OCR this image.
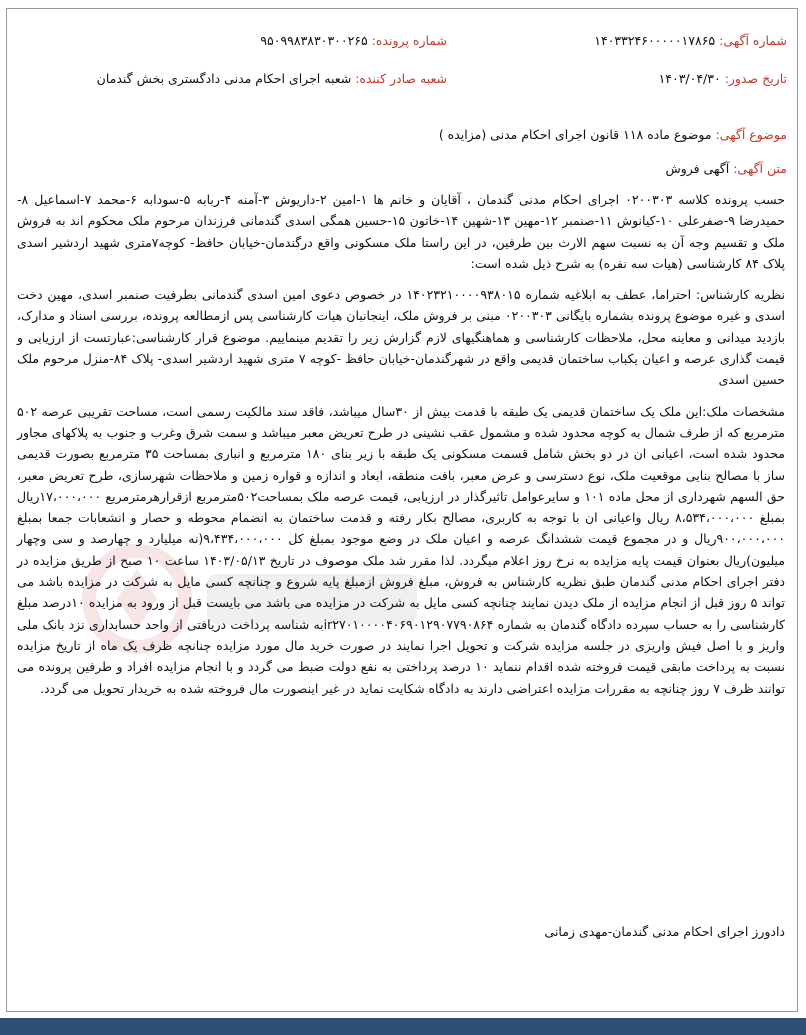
شماره آگهی: ۱۴۰۳۳۲۴۶۰۰۰۰۰۱۷۸۶۵
شماره پرونده: ۹۵۰۹۹۸۳۸۳۰۳۰۰۲۶۵
تاریخ صدور: ۱۴۰۳/۰۴/۳۰
شعبه صادر کننده: شعبه اجرای احکام مدنی دادگستری بخش گندمان
موضوع آگهی: موضوع ماده ۱۱۸ قانون اجرای احکام مدنی (مزایده )
متن آگهی: آگهی فروش

حسب پرونده کلاسه ۰۲۰۰۳۰۳ اجرای احکام مدنی گندمان ، آقایان و خانم ها ۱-امین ۲-داریوش ۳-آمنه ۴-ربابه ۵-سودابه ۶-محمد ۷-اسماعیل ۸-حمیدرضا ۹-صفرعلی ۱۰-کیانوش ۱۱-صنمبر ۱۲-مهین ۱۳-شهین ۱۴-خاتون ۱۵-حسین همگی اسدی گندمانی فرزندان مرحوم ملک محکوم اند به فروش ملک و تقسیم وجه آن به نسبت سهم الارث بین طرفین، در این راستا ملک مسکونی واقع درگندمان-خیابان حافظ- کوچه۷متری شهید اردشیر اسدی پلاک ۸۴ کارشناسی (هیات سه نفره) به شرح ذیل شده است:

نظریه کارشناس: احتراما، عطف به ابلاغیه شماره ۱۴۰۲۳۲۱۰۰۰۰۹۳۸۰۱۵ در خصوص دعوی امین اسدی گندمانی بطرفیت صنمبر اسدی، مهین دخت اسدی و غیره موضوع پرونده بشماره بایگانی ۰۲۰۰۳۰۳ مبنی بر فروش ملک، اینجانبان هیات کارشناسی پس ازمطالعه پرونده، بررسی اسناد و مدارک، بازدید میدانی و معاینه محل، ملاحظات کارشناسی و هماهنگیهای لازم گزارش زیر را تقدیم مینماییم. موضوع قرار کارشناسی:عبارتست از ارزیابی و قیمت گذاری عرصه و اعیان یکباب ساختمان قدیمی واقع در شهرگندمان-خیابان حافظ -کوچه ۷ متری شهید اردشیر اسدی- پلاک ۸۴-منزل مرحوم ملک حسین اسدی

مشخصات ملک:این ملک یک ساختمان قدیمی یک طبقه با قدمت بیش از ۳۰سال میباشد، فاقد سند مالکیت رسمی است، مساحت تقریبی عرصه ۵۰۲ مترمربع که از طرف شمال به کوچه محدود شده و مشمول عقب نشینی در طرح تعریض معبر میباشد و سمت شرق وغرب و جنوب به پلاکهای مجاور محدود شده است، اعیانی ان در دو بخش شامل قسمت مسکونی یک طبقه با زیر بنای ۱۸۰ مترمربع و انباری بمساحت ۳۵ مترمربع بصورت قدیمی ساز با مصالح بنایی موقعیت ملک، نوع دسترسی و عرض معبر، بافت منطقه، ابعاد و اندازه و قواره زمین و ملاحظات شهرسازی، طرح تعریض معبر، حق السهم شهرداری از محل ماده ۱۰۱ و سایرعوامل تاثیرگذار در ارزیابی، قیمت عرصه ملک بمساحت۵۰۲مترمربع ازقرارهرمترمربع ۱۷،۰۰۰،۰۰۰ریال بمبلغ ۸،۵۳۴،۰۰۰،۰۰۰ ریال واعیانی ان با توجه به کاربری، مصالح بکار رفته و قدمت ساختمان به انضمام محوطه و حصار و انشعابات جمعا بمبلغ ۹۰۰،۰۰۰،۰۰۰ریال و در مجموع قیمت ششدانگ عرصه و اعیان ملک در وضع موجود بمبلغ کل ۹،۴۳۴،۰۰۰،۰۰۰(نه میلیارد و چهارصد و سی وچهار میلیون)ریال بعنوان قیمت پایه مزایده به نرخ روز اعلام میگردد. لذا مقرر شد ملک موصوف در تاریخ ۱۴۰۳/۰۵/۱۳ ساعت ۱۰ صبح از طریق مزایده در دفتر اجرای احکام مدنی گندمان طبق نظریه کارشناس به فروش، مبلغ فروش ازمبلغ پایه شروع و چنانچه کسی مایل به شرکت در مزایده باشد می تواند ۵ روز قبل از انجام مزایده از ملک دیدن نمایند چنانچه کسی مایل به شرکت در مزایده می باشد می بایست قبل از ورود به مزایده ۱۰درصد مبلغ کارشناسی را به حساب سپرده دادگاه گندمان به شماره ir۲۷۰۱۰۰۰۰۴۰۶۹۰۱۲۹۰۷۷۹۰۸۶۴به شناسه پرداخت دریافتی از واحد حسابداری نزد بانک ملی واریز و با اصل فیش واریزی در جلسه مزایده شرکت و تحویل اجرا نمایند در صورت خرید مال مورد مزایده چنانچه ظرف یک ماه از تاریخ مزایده نسبت به پرداخت مابقی قیمت فروخته شده اقدام ننماید ۱۰ درصد پرداختی به نفع دولت ضبط می گردد و با انجام مزایده افراد و طرفین پرونده می توانند ظرف ۷ روز چنانچه به مقررات مزایده اعتراضی دارند به دادگاه شکایت نماید در غیر اینصورت مال فروخته شده به خریدار تحویل می گردد.

دادورز اجرای احکام مدنی گندمان-مهدی زمانی
